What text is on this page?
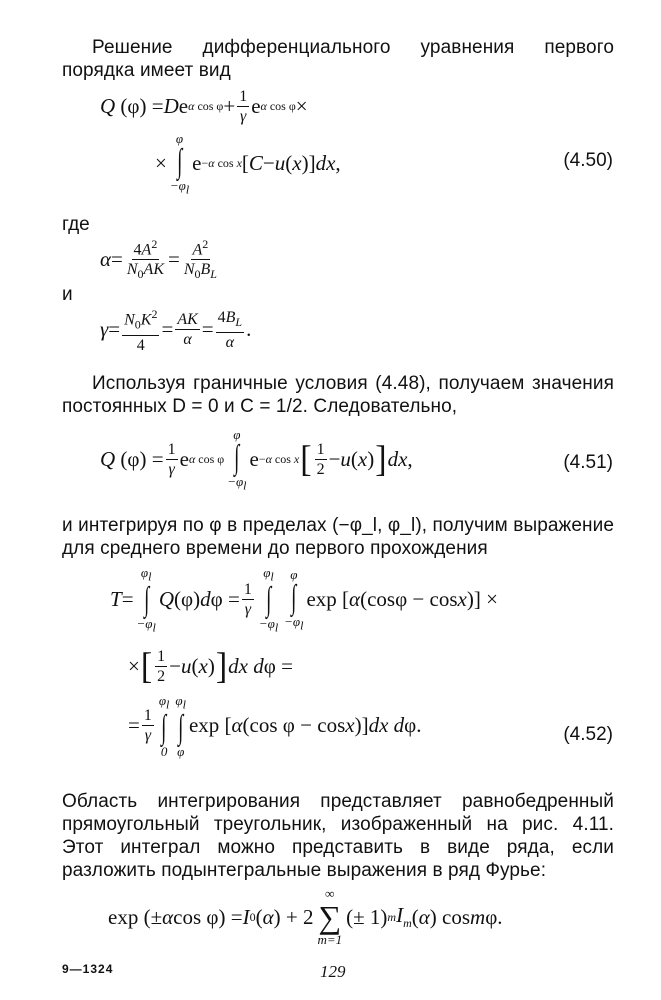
Решение дифференциального уравнения первого порядка имеет вид
Q (φ) = D e α $\cos \varphi + \frac{1}{\gamma}$ e α cos φ ×
×
φ
∫
$-\varphi_l$
e −α cos x [ C − u ( x )] dx ,	(4.50)
где
$\alpha = \frac{4A^2}{N_0AK} = \frac{A^2}{N_0B_L}$
и
$\gamma = \frac{N_0K^2}{4} = \frac{AK}{\alpha} = \frac{4B_L}{\alpha}$ .
Используя граничные условия (4.48), получаем значения постоянных D = 0 и C = 1/2. Следовательно,
Q $(\varphi) = \frac{1}{\gamma}$ e α cos φ
φ
∫
$-\varphi_l$
e −α cos x [ $\frac{1}{2} - u$ ( x ) ] dx ,	(4.51)
и интегрируя по φ в пределах (−φ_l, φ_l), получим выражение для среднего времени до первого прохождения
T =
$\varphi_l$
∫
$-\varphi_l$
Q (φ) d $\varphi = \frac{1}{\gamma}$
$\varphi_l$
∫
$-\varphi_l$
φ
∫
$-\varphi_l$
exp [ α (cosφ − cos x )] ×
× [ $\frac{1}{2} - u$ ( x ) ] dx d φ =
= $\frac{1}{\gamma}$
$\varphi_l$
∫
0
$\varphi_l$
∫
φ
exp [ α (cos φ − cos x )] dx d φ.	(4.52)
Область интегрирования представляет равнобедренный прямоугольный треугольник, изображенный на рис. 4.11. Этот интеграл можно представить в виде ряда, если разложить подынтегральные выражения в ряд Фурье:
exp (± α cos φ) = I 0 ( α ) + 2
∞
∑
m=1
(± 1) m $I_m$ ( α ) cos m φ.
9—1324	129
